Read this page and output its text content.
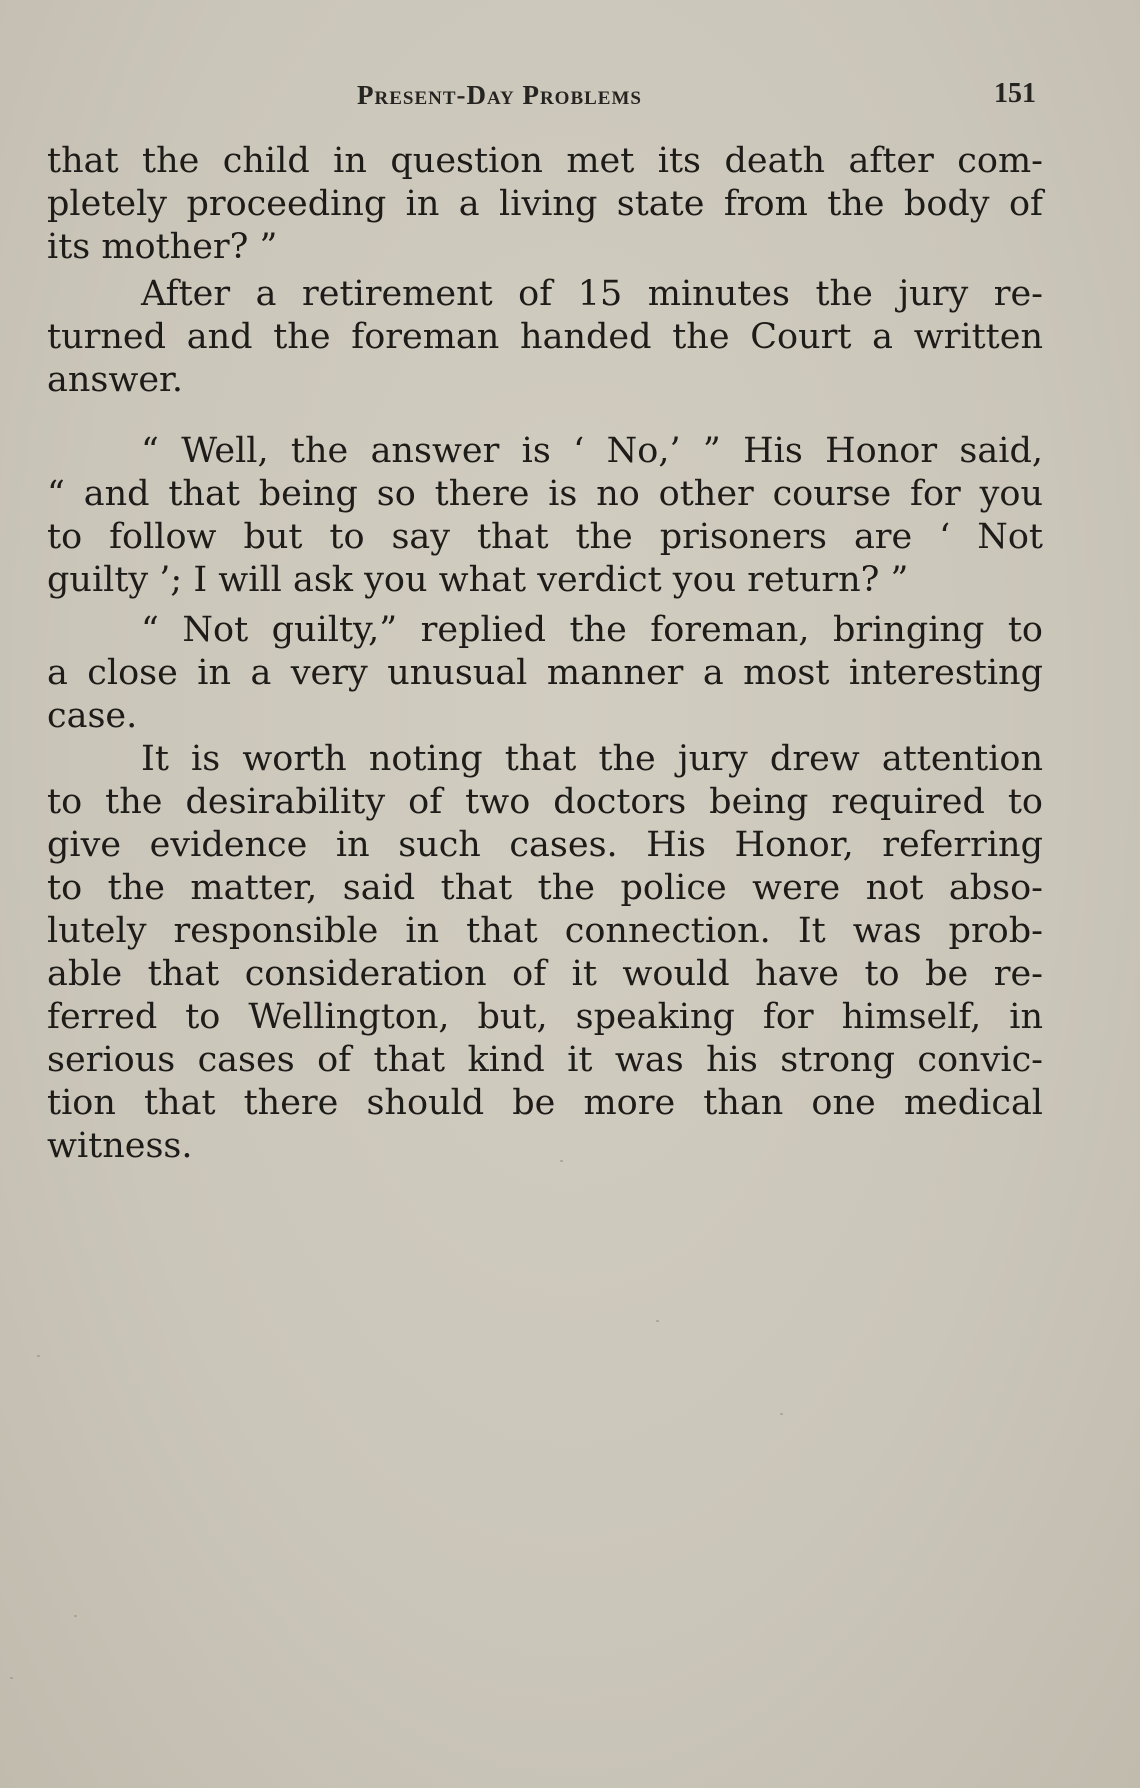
Present-Day Problems	151
that the child in question met its death after com-
pletely proceeding in a living state from the body of
its mother? ”
After a retirement of 15 minutes the jury re-
turned and the foreman handed the Court a written
answer.
“ Well, the answer is ‘ No,’ ” His Honor said,
“ and that being so there is no other course for you
to follow but to say that the prisoners are ‘ Not
guilty ’; I will ask you what verdict you return? ”
“ Not guilty,” replied the foreman, bringing to
a close in a very unusual manner a most interesting
case.
It is worth noting that the jury drew attention
to the desirability of two doctors being required to
give evidence in such cases. His Honor, referring
to the matter, said that the police were not abso-
lutely responsible in that connection. It was prob-
able that consideration of it would have to be re-
ferred to Wellington, but, speaking for himself, in
serious cases of that kind it was his strong convic-
tion that there should be more than one medical
witness.
